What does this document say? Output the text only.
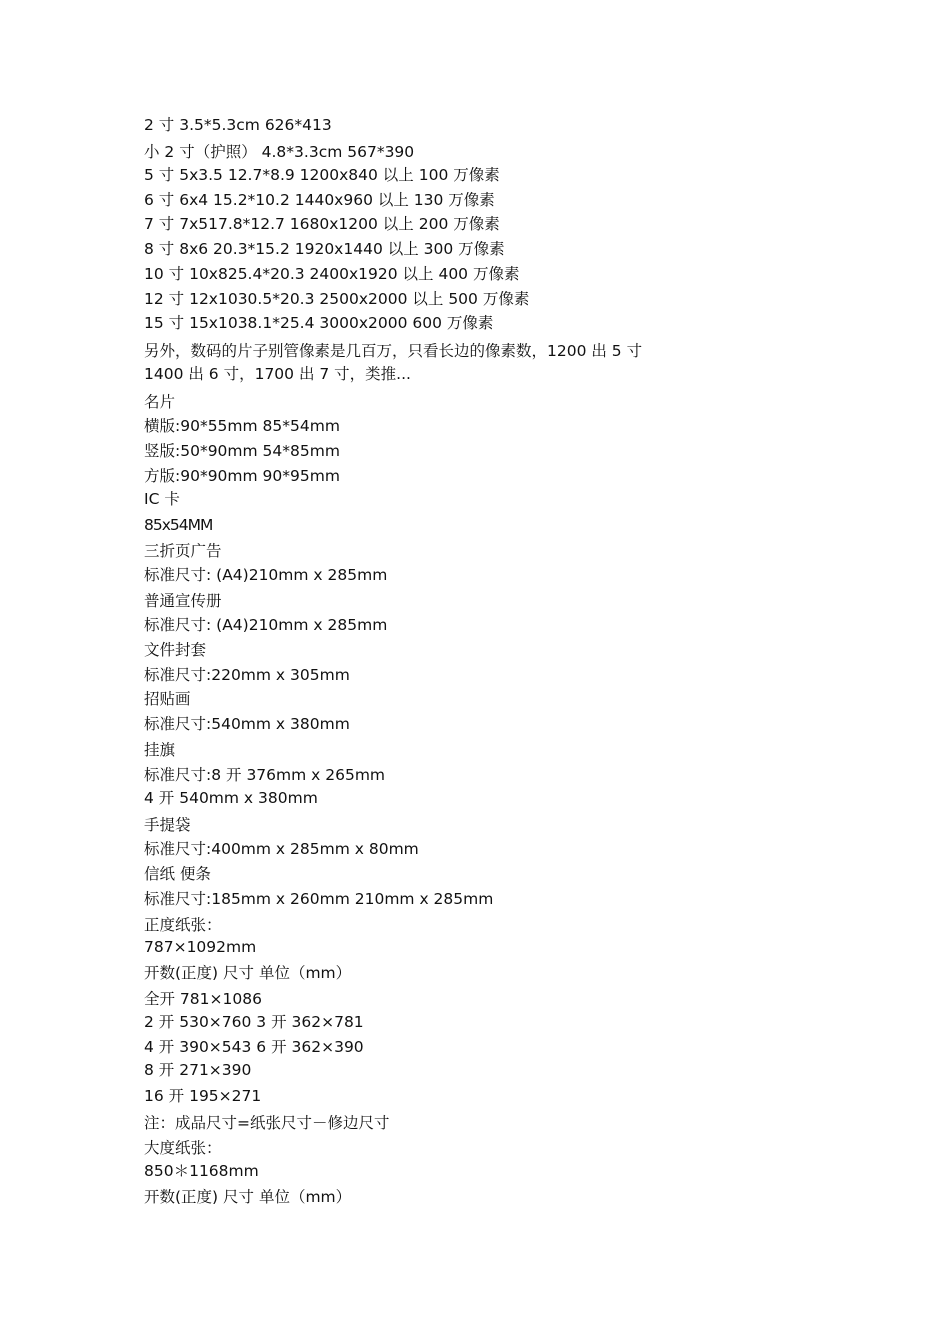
2 寸 3.5*5.3cm 626*413
小 2 寸（护照） 4.8*3.3cm 567*390
5 寸 5x3.5 12.7*8.9 1200x840 以上 100 万像素
6 寸 6x4 15.2*10.2 1440x960 以上 130 万像素
7 寸 7x517.8*12.7 1680x1200 以上 200 万像素
8 寸 8x6 20.3*15.2 1920x1440 以上 300 万像素
10 寸 10x825.4*20.3 2400x1920 以上 400 万像素
12 寸 12x1030.5*20.3 2500x2000 以上 500 万像素
15 寸 15x1038.1*25.4 3000x2000 600 万像素
另外，数码的片子别管像素是几百万，只看长边的像素数，1200 出 5 寸
1400 出 6 寸，1700 出 7 寸，类推...
名片
横版:90*55mm 85*54mm
竖版:50*90mm 54*85mm
方版:90*90mm 90*95mm
IC 卡
85x54MM
三折页广告
标准尺寸: (A4)210mm x 285mm
普通宣传册
标准尺寸: (A4)210mm x 285mm
文件封套
标准尺寸:220mm x 305mm
招贴画
标准尺寸:540mm x 380mm
挂旗
标准尺寸:8 开 376mm x 265mm
4 开 540mm x 380mm
手提袋
标准尺寸:400mm x 285mm x 80mm
信纸 便条
标准尺寸:185mm x 260mm 210mm x 285mm
正度纸张：
787×1092mm
开数(正度) 尺寸 单位（mm）
全开 781×1086
2 开 530×760 3 开 362×781
4 开 390×543 6 开 362×390
8 开 271×390
16 开 195×271
注：成品尺寸=纸张尺寸－修边尺寸
大度纸张：
850＊1168mm
开数(正度) 尺寸 单位（mm）
